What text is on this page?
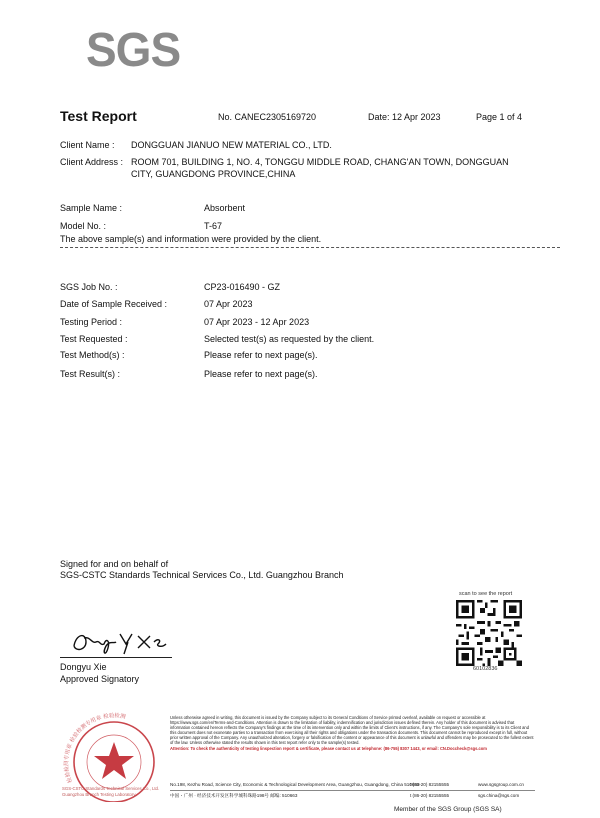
SGS
Test Report	No. CANEC2305169720	Date: 12 Apr 2023	Page 1 of 4
Client Name : DONGGUAN JIANUO NEW MATERIAL CO., LTD.
Client Address : ROOM 701, BUILDING 1, NO. 4, TONGGU MIDDLE ROAD, CHANG'AN TOWN, DONGGUAN
CITY, GUANGDONG PROVINCE,CHINA
Sample Name :	Absorbent
Model No. :	T-67
The above sample(s) and information were provided by the client.
SGS Job No. :	CP23-016490 - GZ
Date of Sample Received :	07 Apr 2023
Testing Period :	07 Apr 2023 - 12 Apr 2023
Test Requested :	Selected test(s) as requested by the client.
Test Method(s) :	Please refer to next page(s).
Test Result(s) :	Please refer to next page(s).
Signed for and on behalf of
SGS-CSTC Standards Technical Services Co., Ltd. Guangzhou Branch
Dongyu Xie
Approved Signatory
scan to see the report
60102836
检验检测专用章 检验检测专用章 检验检测
SGS-CSTC Standards Technical Services Co., Ltd.
Guangzhou Branch Testing Laboratory
Unless otherwise agreed in writing, this document is issued by the Company subject to its General Conditions of Service printed overleaf, available on request or accessible at https://www.sgs.com/en/Terms-and-Conditions. Attention is drawn to the limitation of liability, indemnification and jurisdiction issues defined therein. Any holder of this document is advised that information contained hereon reflects the Company's findings at the time of its intervention only and within the limits of Client's instructions, if any. The Company's sole responsibility is to its Client and this document does not exonerate parties to a transaction from exercising all their rights and obligations under the transaction documents. This document cannot be reproduced except in full, without prior written approval of the Company. Any unauthorized alteration, forgery or falsification of the content or appearance of this document is unlawful and offenders may be prosecuted to the fullest extent of the law. Unless otherwise stated the results shown in this test report refer only to the sample(s) tested.
Attention: To check the authenticity of testing /inspection report & certificate, please contact us at telephone: (86-755) 8307 1443, or email: CN.Doccheck@sgs.com
No.198, Kezhu Road, Science City, Economic & Technological Development Area, Guangzhou, Guangdong, China 510663
t (86-20) 82155555	www.sgsgroup.com.cn
中国・广州 · 经济技术开发区科学城科珠路198号 邮编: 510663	t (86-20) 82155555	sgs.china@sgs.com
Member of the SGS Group (SGS SA)
